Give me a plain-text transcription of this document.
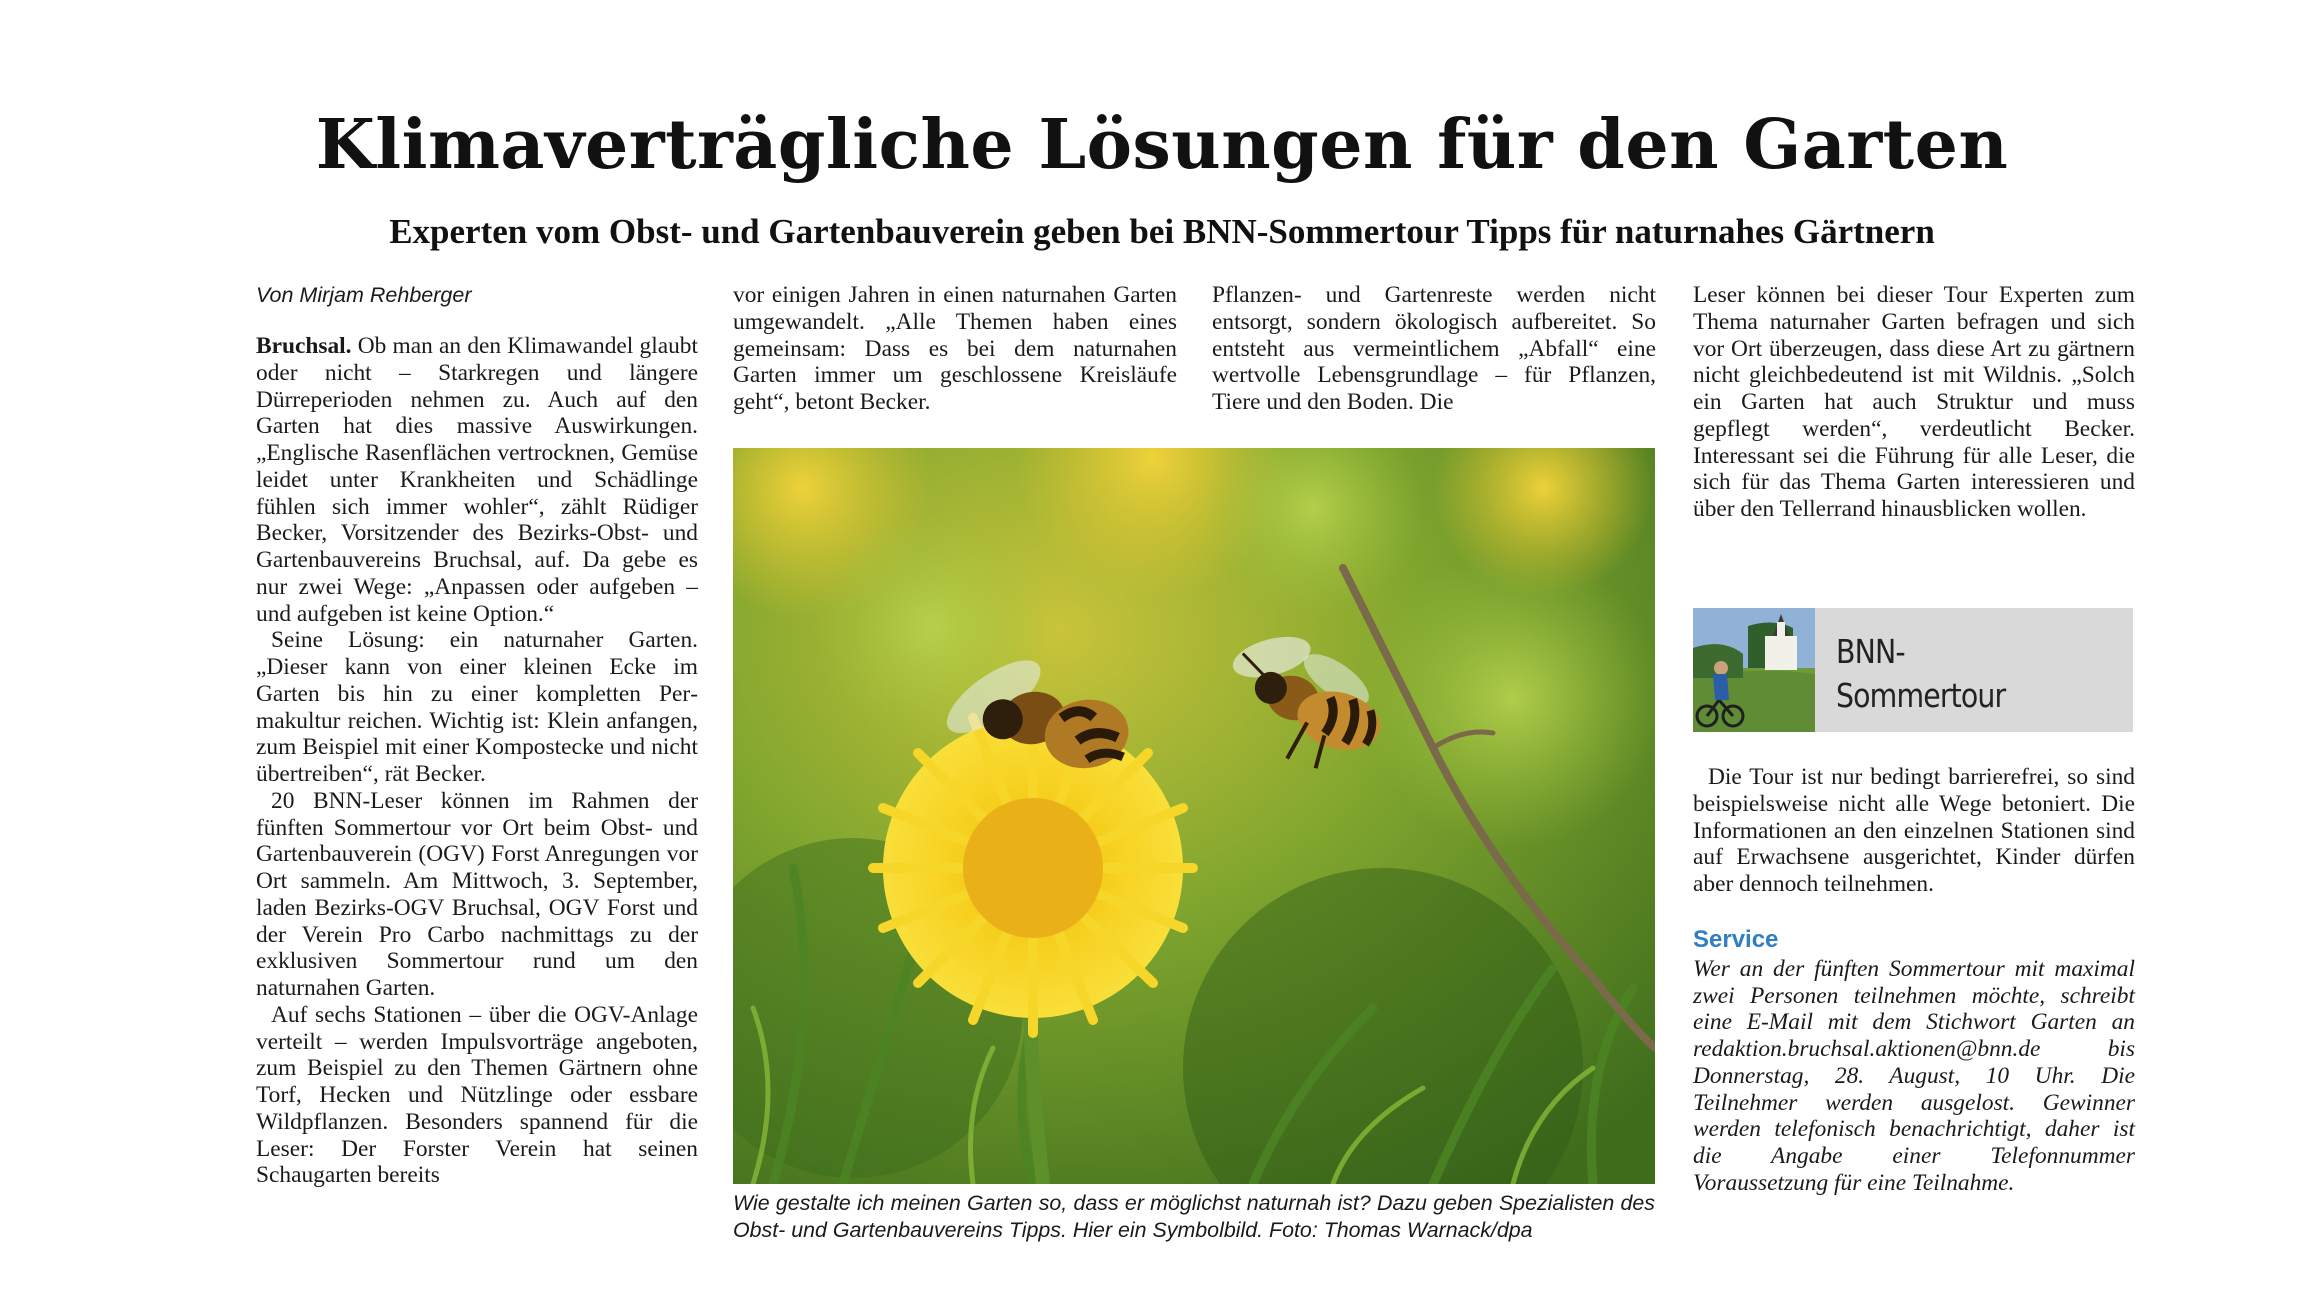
Klimaverträgliche Lösungen für den Garten
Experten vom Obst- und Gartenbauverein geben bei BNN-Sommertour Tipps für naturnahes Gärtnern

Von Mirjam Rehberger

Bruchsal. Ob man an den Klimawandel glaubt oder nicht – Starkregen und längere Dürreperioden nehmen zu. Auch auf den Garten hat dies massive Auswirkungen. „Englische Rasenflächen vertrocknen, Gemüse leidet unter Krankheiten und Schädlinge fühlen sich immer wohler“, zählt Rüdiger Becker, Vorsitzender des Bezirks-Obst- und Gartenbauvereins Bruchsal, auf. Da gebe es nur zwei Wege: „Anpassen oder aufgeben – und aufgeben ist keine Option.“

Seine Lösung: ein naturnaher Garten. „Dieser kann von einer kleinen Ecke im Garten bis hin zu einer kompletten Permakultur reichen. Wichtig ist: Klein anfangen, zum Beispiel mit einer Kompostecke und nicht übertreiben“, rät Becker.

20 BNN-Leser können im Rahmen der fünften Sommertour vor Ort beim Obst- und Gartenbauverein (OGV) Forst Anregungen vor Ort sammeln. Am Mittwoch, 3. September, laden Bezirks-OGV Bruchsal, OGV Forst und der Verein Pro Carbo nachmittags zu der exklusiven Sommertour rund um den naturnahen Garten.

Auf sechs Stationen – über die OGV-Anlage verteilt – werden Impulsvorträge angeboten, zum Beispiel zu den Themen Gärtnern ohne Torf, Hecken und Nützlinge oder essbare Wildpflanzen. Besonders spannend für die Leser: Der Forster Verein hat seinen Schaugarten bereits

vor einigen Jahren in einen naturnahen Garten umgewandelt. „Alle Themen haben eines gemeinsam: Dass es bei dem naturnahen Garten immer um geschlossene Kreisläufe geht“, betont Becker.

Pflanzen- und Gartenreste werden nicht entsorgt, sondern ökologisch aufbereitet. So entsteht aus vermeintlichem „Abfall“ eine wertvolle Lebensgrundlage – für Pflanzen, Tiere und den Boden. Die

Wie gestalte ich meinen Garten so, dass er möglichst naturnah ist? Dazu geben Spezialisten des Obst- und Gartenbauvereins Tipps. Hier ein Symbolbild. Foto: Thomas Warnack/dpa

Leser können bei dieser Tour Experten zum Thema naturnaher Garten befragen und sich vor Ort überzeugen, dass diese Art zu gärtnern nicht gleichbedeutend ist mit Wildnis. „Solch ein Garten hat auch Struktur und muss gepflegt werden“, verdeutlicht Becker. Interessant sei die Führung für alle Leser, die sich für das Thema Garten interessieren und über den Tellerrand hinausblicken wollen.

BNN-
Sommertour

Die Tour ist nur bedingt barrierefrei, so sind beispielsweise nicht alle Wege betoniert. Die Informationen an den einzelnen Stationen sind auf Erwachsene ausgerichtet, Kinder dürfen aber dennoch teilnehmen.

Service

Wer an der fünften Sommertour mit maximal zwei Personen teilnehmen möchte, schreibt eine E-Mail mit dem Stichwort Garten an redaktion.bruchsal.aktionen@bnn.de bis Donnerstag, 28. August, 10 Uhr. Die Teilnehmer werden ausgelost. Gewinner werden telefonisch benachrichtigt, daher ist die Angabe einer Telefonnummer Voraussetzung für eine Teilnahme.
